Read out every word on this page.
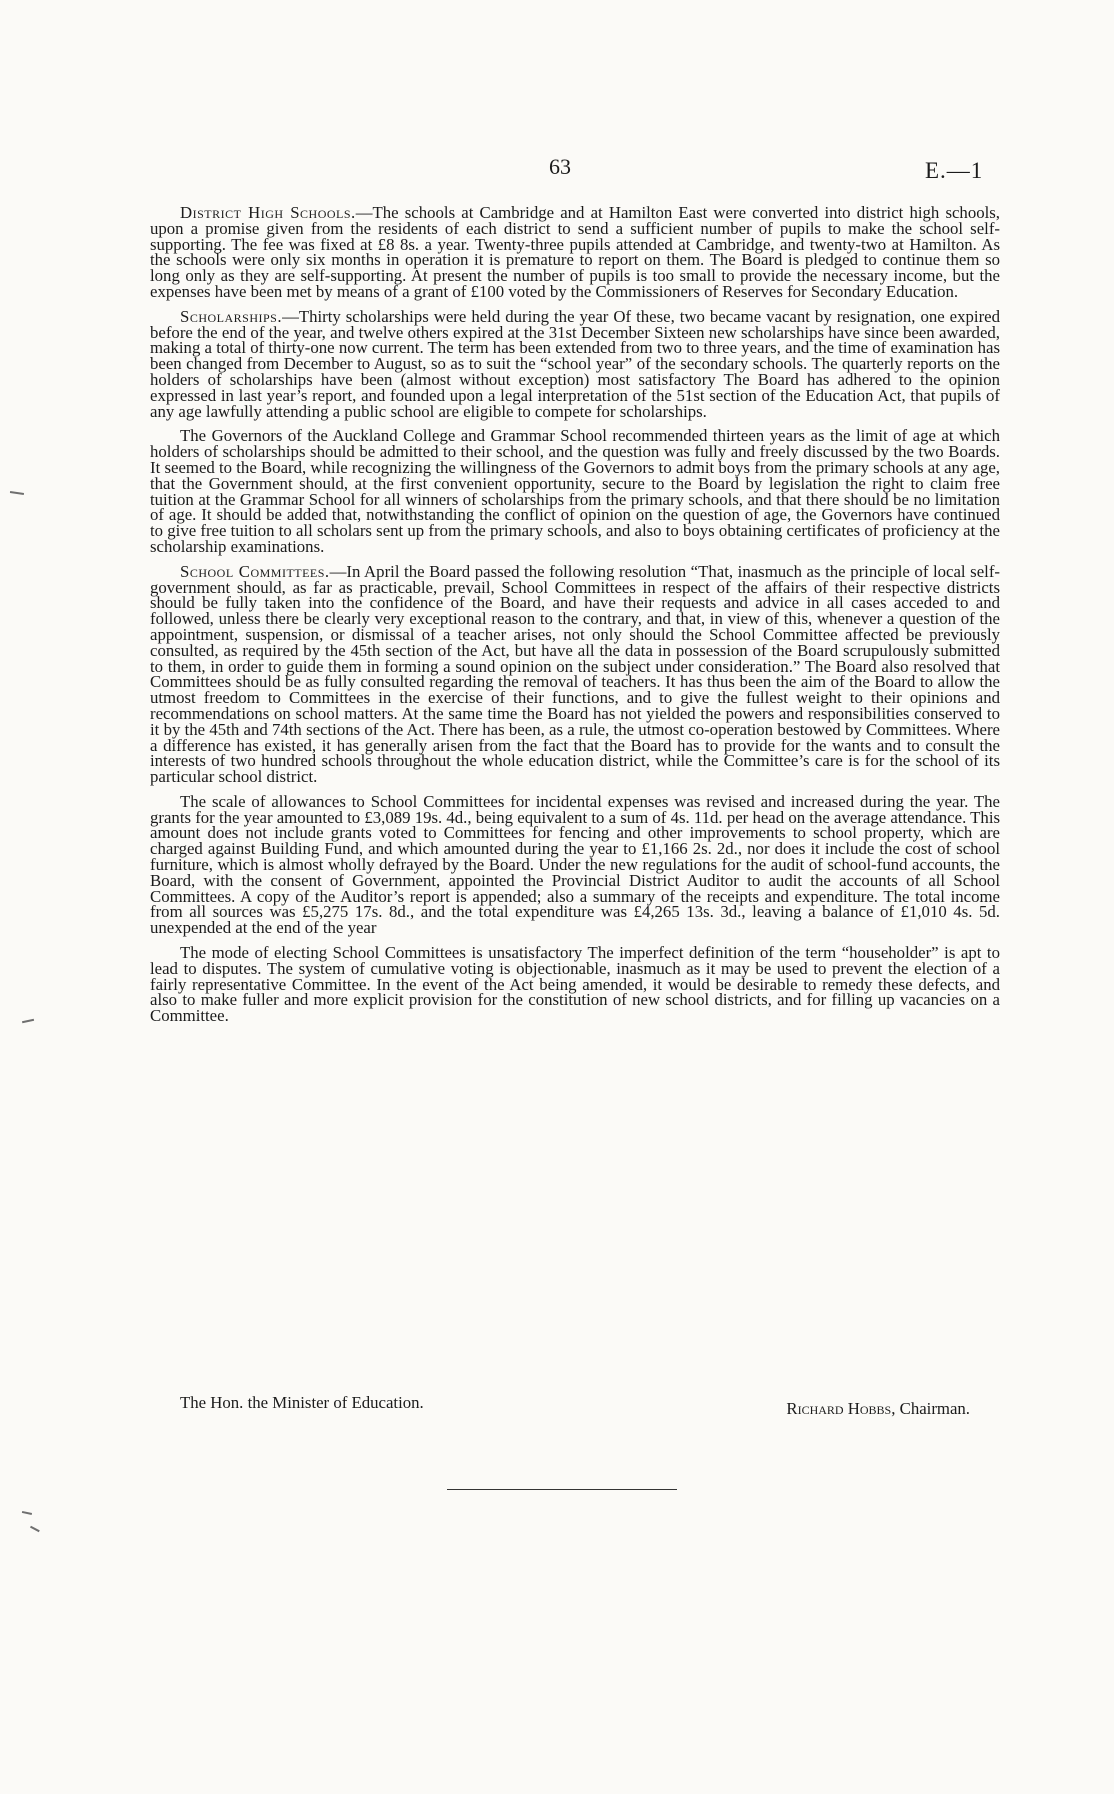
63	E.—1

District High Schools.—The schools at Cambridge and at Hamilton East were converted into district high schools, upon a promise given from the residents of each district to send a sufficient number of pupils to make the school self-supporting. The fee was fixed at £8 8s. a year. Twenty-three pupils attended at Cambridge, and twenty-two at Hamilton. As the schools were only six months in operation it is premature to report on them. The Board is pledged to continue them so long only as they are self-supporting. At present the number of pupils is too small to provide the necessary income, but the expenses have been met by means of a grant of £100 voted by the Commissioners of Reserves for Secondary Education.

Scholarships.—Thirty scholarships were held during the year Of these, two became vacant by resignation, one expired before the end of the year, and twelve others expired at the 31st December Sixteen new scholarships have since been awarded, making a total of thirty-one now current. The term has been extended from two to three years, and the time of examination has been changed from December to August, so as to suit the “school year” of the secondary schools. The quarterly reports on the holders of scholarships have been (almost without exception) most satisfactory The Board has adhered to the opinion expressed in last year’s report, and founded upon a legal interpretation of the 51st section of the Education Act, that pupils of any age lawfully attending a public school are eligible to compete for scholarships.

The Governors of the Auckland College and Grammar School recommended thirteen years as the limit of age at which holders of scholarships should be admitted to their school, and the question was fully and freely discussed by the two Boards. It seemed to the Board, while recognizing the willingness of the Governors to admit boys from the primary schools at any age, that the Government should, at the first convenient opportunity, secure to the Board by legislation the right to claim free tuition at the Grammar School for all winners of scholarships from the primary schools, and that there should be no limitation of age. It should be added that, notwithstanding the conflict of opinion on the question of age, the Governors have continued to give free tuition to all scholars sent up from the primary schools, and also to boys obtaining certificates of proficiency at the scholarship examinations.

School Committees.—In April the Board passed the following resolution “That, inasmuch as the principle of local self-government should, as far as practicable, prevail, School Committees in respect of the affairs of their respective districts should be fully taken into the confidence of the Board, and have their requests and advice in all cases acceded to and followed, unless there be clearly very exceptional reason to the contrary, and that, in view of this, whenever a question of the appointment, suspension, or dismissal of a teacher arises, not only should the School Committee affected be previously consulted, as required by the 45th section of the Act, but have all the data in possession of the Board scrupulously submitted to them, in order to guide them in forming a sound opinion on the subject under consideration.” The Board also resolved that Committees should be as fully consulted regarding the removal of teachers. It has thus been the aim of the Board to allow the utmost freedom to Committees in the exercise of their functions, and to give the fullest weight to their opinions and recommendations on school matters. At the same time the Board has not yielded the powers and responsibilities conserved to it by the 45th and 74th sections of the Act. There has been, as a rule, the utmost co-operation bestowed by Committees. Where a difference has existed, it has generally arisen from the fact that the Board has to provide for the wants and to consult the interests of two hundred schools throughout the whole education district, while the Committee’s care is for the school of its particular school district.

The scale of allowances to School Committees for incidental expenses was revised and increased during the year. The grants for the year amounted to £3,089 19s. 4d., being equivalent to a sum of 4s. 11d. per head on the average attendance. This amount does not include grants voted to Committees for fencing and other improvements to school property, which are charged against Building Fund, and which amounted during the year to £1,166 2s. 2d., nor does it include the cost of school furniture, which is almost wholly defrayed by the Board. Under the new regulations for the audit of school-fund accounts, the Board, with the consent of Government, appointed the Provincial District Auditor to audit the accounts of all School Committees. A copy of the Auditor’s report is appended; also a summary of the receipts and expenditure. The total income from all sources was £5,275 17s. 8d., and the total expenditure was £4,265 13s. 3d., leaving a balance of £1,010 4s. 5d. unexpended at the end of the year

The mode of electing School Committees is unsatisfactory The imperfect definition of the term “householder” is apt to lead to disputes. The system of cumulative voting is objectionable, inasmuch as it may be used to prevent the election of a fairly representative Committee. In the event of the Act being amended, it would be desirable to remedy these defects, and also to make fuller and more explicit provision for the constitution of new school districts, and for filling up vacancies on a Committee.

The Hon. the Minister of Education.	Richard Hobbs, Chairman.
